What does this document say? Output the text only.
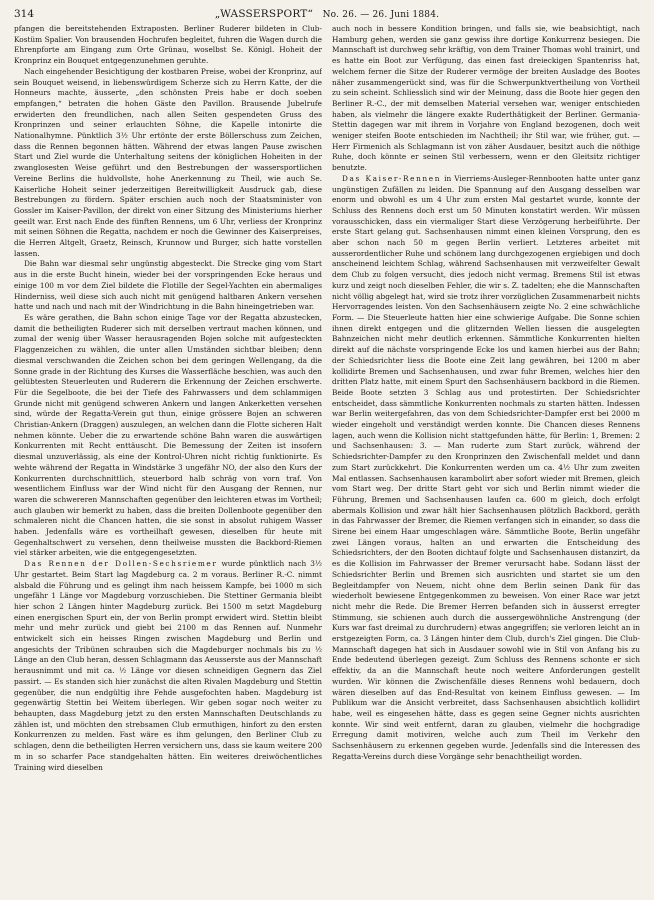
314	„WASSERSPORT“ No. 26. — 26. Juni 1884.

pfangen die bereitstehenden Extraposten. Berliner Ruderer bildeten in Club-Kostüm Spalier. Von brausenden Hochrufen begleitet, fuhren die Wagen durch die Ehrenpforte am Eingang zum Orte Grünau, woselbst Se. Königl. Hoheit der Kronprinz ein Bouquet entgegenzunehmen geruhte.

Nach eingehender Besichtigung der kostbaren Preise, wobei der Kronprinz, auf sein Bouquet weisend, in liebenswürdigem Scherze sich zu Herrn Katte, der die Honneurs machte, äusserte, „den schönsten Preis habe er doch soeben empfangen,“ betraten die hohen Gäste den Pavillon. Brausende Jubelrufe erwiderten den freundlichen, nach allen Seiten gespendeten Gruss des Kronprinzen und seiner erlauchten Söhne, die Kapelle intonirte die Nationalhymne. Pünktlich 3½ Uhr ertönte der erste Böllerschuss zum Zeichen, dass die Rennen begonnen hätten. Während der etwas langen Pause zwischen Start und Ziel wurde die Unterhaltung seitens der königlichen Hoheiten in der zwanglosesten Weise geführt und den Bestrebungen der wassersportlichen Vereine Berlins die huldvollste, hohe Anerkennung zu Theil, wie auch Se. Kaiserliche Hoheit seiner jederzeitigen Bereitwilligkeit Ausdruck gab, diese Bestrebungen zu fördern. Später erschien auch noch der Staatsminister von Gossler im Kaiser-Pavillon, der direkt von einer Sitzung des Ministeriums hierher geeilt war. Erst nach Ende des fünften Rennens, um 6 Uhr, verliess der Kronprinz mit seinen Söhnen die Regatta, nachdem er noch die Gewinner des Kaiserpreises, die Herren Altgelt, Graetz, Reinsch, Krunnow und Burger, sich hatte vorstellen lassen.

Die Bahn war diesmal sehr ungünstig abgesteckt. Die Strecke ging vom Start aus in die erste Bucht hinein, wieder bei der vorspringenden Ecke heraus und einige 100 m vor dem Ziel bildete die Flotille der Segel-Yachten ein abermaliges Hinderniss, weil diese sich auch nicht mit genügend haltbaren Ankern versehen hatte und nach und nach mit der Windrichtung in die Bahn hineingetrieben war.

Es wäre gerathen, die Bahn schon einige Tage vor der Regatta abzustecken, damit die betheiligten Ruderer sich mit derselben vertraut machen können, und zumal der wenig über Wasser herausragenden Bojen solche mit aufgesteckten Flaggenzeichen zu wählen, die unter allen Umständen sichtbar bleiben; denn diesmal verschwanden die Zeichen schon bei dem geringen Wellengang, da die Sonne grade in der Richtung des Kurses die Wasserfläche beschien, was auch den gelübtesten Steuerleuten und Ruderern die Erkennung der Zeichen erschwerte. Für die Segelboote, die bei der Tiefe des Fahrwassers und dem schlammigen Grunde nicht mit genügend schweren Ankern und langen Ankerketten versehen sind, würde der Regatta-Verein gut thun, einige grössere Bojen an schweren Christian-Ankern (Draggen) auszulegen, an welchen dann die Flotte sicheren Halt nehmen könnte. Ueber die zu erwartende schöne Bahn waren die auswärtigen Konkurrenten mit Recht enttäuscht. Die Bemessung der Zeiten ist insofern diesmal unzuverlässig, als eine der Kontrol-Uhren nicht richtig funktionirte. Es wehte während der Regatta in Windstärke 3 ungefähr NO, der also den Kurs der Konkurrenten durchschnittlich, steuerbord halb schräg von vorn traf. Von wesentlichem Einfluss war der Wind nicht für den Ausgang der Rennen, nur waren die schwereren Mannschaften gegenüber den leichteren etwas im Vortheil; auch glauben wir bemerkt zu haben, dass die breiten Dollenboote gegenüber den schmaleren nicht die Chancen hatten, die sie sonst in absolut ruhigem Wasser haben. Jedenfalls wäre es vortheilhaft gewesen, dieselben für heute mit Gegenhaltschwert zu versehen, denn theilweise mussten die Backbord-Riemen viel stärker arbeiten, wie die entgegengesetzten.

Das Rennen der Dollen-Sechsriemer wurde pünktlich nach 3½ Uhr gestartet. Beim Start lag Magdeburg ca. 2 m voraus. Berliner R.-C. nimmt alsbald die Führung und es gelingt ihm nach heissem Kampfe, bei 1000 m sich ungefähr 1 Länge vor Magdeburg vorzuschieben. Die Stettiner Germania bleibt hier schon 2 Längen hinter Magdeburg zurück. Bei 1500 m setzt Magdeburg einen energischen Spurt ein, der von Berlin prompt erwidert wird. Stettin bleibt mehr und mehr zurück und giebt bei 2100 m das Rennen auf. Nunmehr entwickelt sich ein heisses Ringen zwischen Magdeburg und Berlin und angesichts der Tribünen schrauben sich die Magdeburger nochmals bis zu ½ Länge an den Club heran, dessen Schlagmann das Aeusserste aus der Mannschaft herausnimmt und mit ca. ½ Länge vor diesen schneidigen Gegnern das Ziel passirt. — Es standen sich hier zunächst die alten Rivalen Magdeburg und Stettin gegenüber, die nun endgültig ihre Fehde ausgefochten haben. Magdeburg ist gegenwärtig Stettin bei Weitem überlegen. Wir geben sogar noch weiter zu behaupten, dass Magdeburg jetzt zu den ersten Mannschaften Deutschlands zu zählen ist, und möchten den strebsamen Club ermuthigen, hinfort zu den ersten Konkurrenzen zu melden. Fast wäre es ihm gelungen, den Berliner Club zu schlagen, denn die betheiligten Herren versichern uns, dass sie kaum weitere 200 m in so scharfer Pace standgehalten hätten. Ein weiteres dreiwöchentliches Training wird dieselben

auch noch in bessere Kondition bringen, und falls sie, wie beabsichtigt, nach Hamburg gehen, werden sie ganz gewiss ihre dortige Konkurrenz besiegen. Die Mannschaft ist durchweg sehr kräftig, von dem Trainer Thomas wohl trainirt, und es hatte ein Boot zur Verfügung, das einen fast dreieckigen Spantenriss hat, welchem ferner die Sitze der Ruderer vermöge der breiten Ausladge des Bootes näher zusammengerückt sind, was für die Schwerpunktvertheilung von Vortheil zu sein scheint. Schliesslich sind wir der Meinung, dass die Boote hier gegen den Berliner R.-C., der mit demselben Material versehen war, weniger entschieden haben, als vielmehr die längere exakte Ruderthätigkeit der Berliner. Germania-Stettin dagegen war mit ihrem in Vorjahre von England bezogenen, doch weit weniger steifen Boote entschieden im Nachtheil; ihr Stil war, wie früher, gut. — Herr Firmenich als Schlagmann ist von zäher Ausdauer, besitzt auch die nöthige Ruhe, doch könnte er seinen Stil verbessern, wenn er den Gleitsitz richtiger benutzte.

Das Kaiser-Rennen in Vierriems-Ausleger-Rennbooten hatte unter ganz ungünstigen Zufällen zu leiden. Die Spannung auf den Ausgang desselben war enorm und obwohl es um 4 Uhr zum ersten Mal gestartet wurde, konnte der Schluss des Rennens doch erst um 50 Minuten konstatirt werden. Wir müssen vorausschicken, dass ein viermaliger Start diese Verzögerung herbeiführte. Der erste Start gelang gut. Sachsenhausen nimmt einen kleinen Vorsprung, den es aber schon nach 50 m gegen Berlin verliert. Letzteres arbeitet mit ausserordentlicher Ruhe und schönem lang durchgezogenen ergiebigen und doch anscheinend leichtem Schlag, während Sachsenhausen mit verzweifelter Gewalt dem Club zu folgen versucht, dies jedoch nicht vermag. Bremens Stil ist etwas kurz und zeigt noch dieselben Fehler, die wir s. Z. tadelten; ehe die Mannschaften nicht völlig abgelegt hat, wird sie trotz ihrer vorzüglichen Zusammenarbeit nichts Hervorragendes leisten. Von den Sachsenhäusern zeigte No. 2 eine schwächliche Form. — Die Steuerleute hatten hier eine schwierige Aufgabe. Die Sonne schien ihnen direkt entgegen und die glitzernden Wellen liessen die ausgelegten Bahnzeichen nicht mehr deutlich erkennen. Sämmtliche Konkurrenten hielten direkt auf die nächste vorspringende Ecke los und kamen hierbei aus der Bahn; der Schiedsrichter liess die Boote eine Zeit lang gewähren, bei 1200 m aber kollidirte Bremen und Sachsenhausen, und zwar fuhr Bremen, welches hier den dritten Platz hatte, mit einem Spurt den Sachsenhäusern backbord in die Riemen. Beide Boote setzten 3 Schlag aus und protestirten. Der Schiedsrichter entscheidet, dass sämmtliche Konkurrenten nochmals zu starten hätten. Indessen war Berlin weitergefahren, das von dem Schiedsrichter-Dampfer erst bei 2000 m wieder eingeholt und verständigt werden konnte. Die Chancen dieses Rennens lagen, auch wenn die Kollision nicht stattgefunden hätte, für Berlin: 1, Bremen: 2 und Sachsenhausen: 3. — Man ruderte zum Start zurück, während der Schiedsrichter-Dampfer zu den Kronprinzen den Zwischenfall meldet und dann zum Start zurückkehrt. Die Konkurrenten werden um ca. 4½ Uhr zum zweiten Mal entlassen. Sachsenhausen karambolirt aber sofort wieder mit Bremen, gleich vom Start weg. Der dritte Start geht vor sich und Berlin nimmt wieder die Führung, Bremen und Sachsenhausen laufen ca. 600 m gleich, doch erfolgt abermals Kollision und zwar hält hier Sachsenhausen plötzlich Backbord, geräth in das Fahrwasser der Bremer, die Riemen verfangen sich in einander, so dass die Sirene bei einem Haar umgeschlagen wäre. Sämmtliche Boote, Berlin ungefähr zwei Längen voraus, halten an und erwarten die Entscheidung des Schiedsrichters, der den Booten dichtauf folgte und Sachsenhausen distanzirt, da es die Kollision im Fahrwasser der Bremer verursacht habe. Sodann lässt der Schiedsrichter Berlin und Bremen sich ausrichten und startet sie um den Begleitdampfer von Neuem, nicht ohne dem Berlin seinen Dank für das wiederholt bewiesene Entgegenkommen zu beweisen. Von einer Race war jetzt nicht mehr die Rede. Die Bremer Herren befanden sich in äusserst erregter Stimmung, sie schienen auch durch die aussergewöhnliche Anstrengung (der Kurs war fast dreimal zu durchrudern) etwas angegriffen; sie verloren leicht an in erstgezeigten Form, ca. 3 Längen hinter dem Club, durch's Ziel gingen. Die Club-Mannschaft dagegen hat sich in Ausdauer sowohl wie in Stil von Anfang bis zu Ende bedeutend überlegen gezeigt. Zum Schluss des Rennens schonte er sich effektiv, da an die Mannschaft heute noch weitere Anforderungen gestellt wurden. Wir können die Zwischenfälle dieses Rennens wohl bedauern, doch wären dieselben auf das End-Resultat von keinem Einfluss gewesen. — Im Publikum war die Ansicht verbreitet, dass Sachsenhausen absichtlich kollidirt habe, weil es eingesehen hätte, dass es gegen seine Gegner nichts ausrichten konnte. Wir sind weit entfernt, daran zu glauben, vielmehr die hochgradige Erregung damit motiviren, welche auch zum Theil im Verkehr den Sachsenhäusern zu erkennen gegeben wurde. Jedenfalls sind die Interessen des Regatta-Vereins durch diese Vorgänge sehr benachtheiligt worden.
